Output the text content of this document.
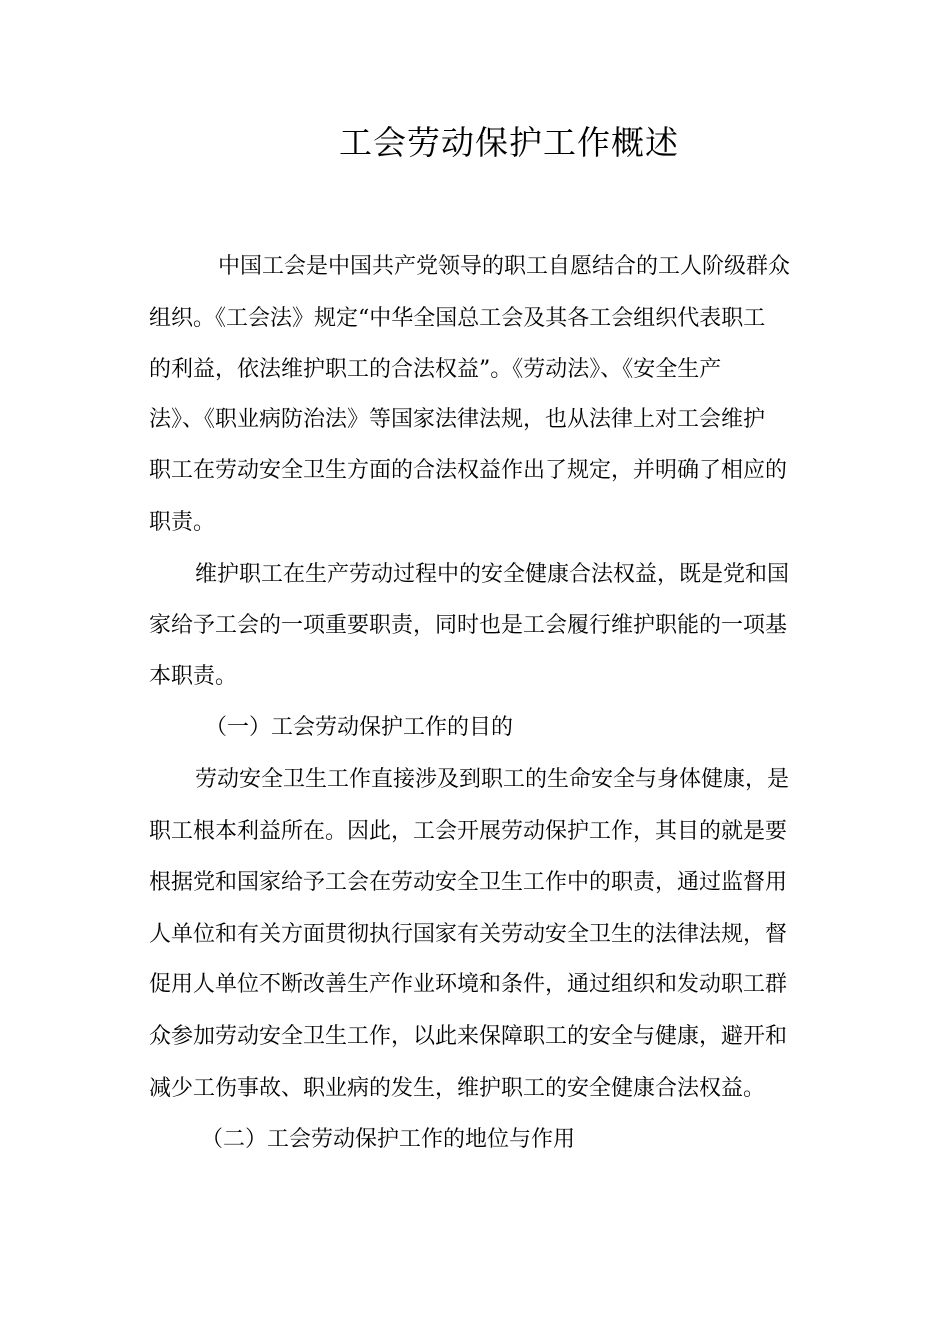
工会劳动保护工作概述
中国工会是中国共产党领导的职工自愿结合的工人阶级群众
组织。《工会法》规定“中华全国总工会及其各工会组织代表职工
的利益，依法维护职工的合法权益”。《劳动法》、《安全生产
法》、《职业病防治法》等国家法律法规，也从法律上对工会维护
职工在劳动安全卫生方面的合法权益作出了规定，并明确了相应的
职责。
维护职工在生产劳动过程中的安全健康合法权益，既是党和国
家给予工会的一项重要职责，同时也是工会履行维护职能的一项基
本职责。
（一）工会劳动保护工作的目的
劳动安全卫生工作直接涉及到职工的生命安全与身体健康，是
职工根本利益所在。因此，工会开展劳动保护工作，其目的就是要
根据党和国家给予工会在劳动安全卫生工作中的职责，通过监督用
人单位和有关方面贯彻执行国家有关劳动安全卫生的法律法规，督
促用人单位不断改善生产作业环境和条件，通过组织和发动职工群
众参加劳动安全卫生工作，以此来保障职工的安全与健康，避开和
减少工伤事故、职业病的发生，维护职工的安全健康合法权益。
（二）工会劳动保护工作的地位与作用
